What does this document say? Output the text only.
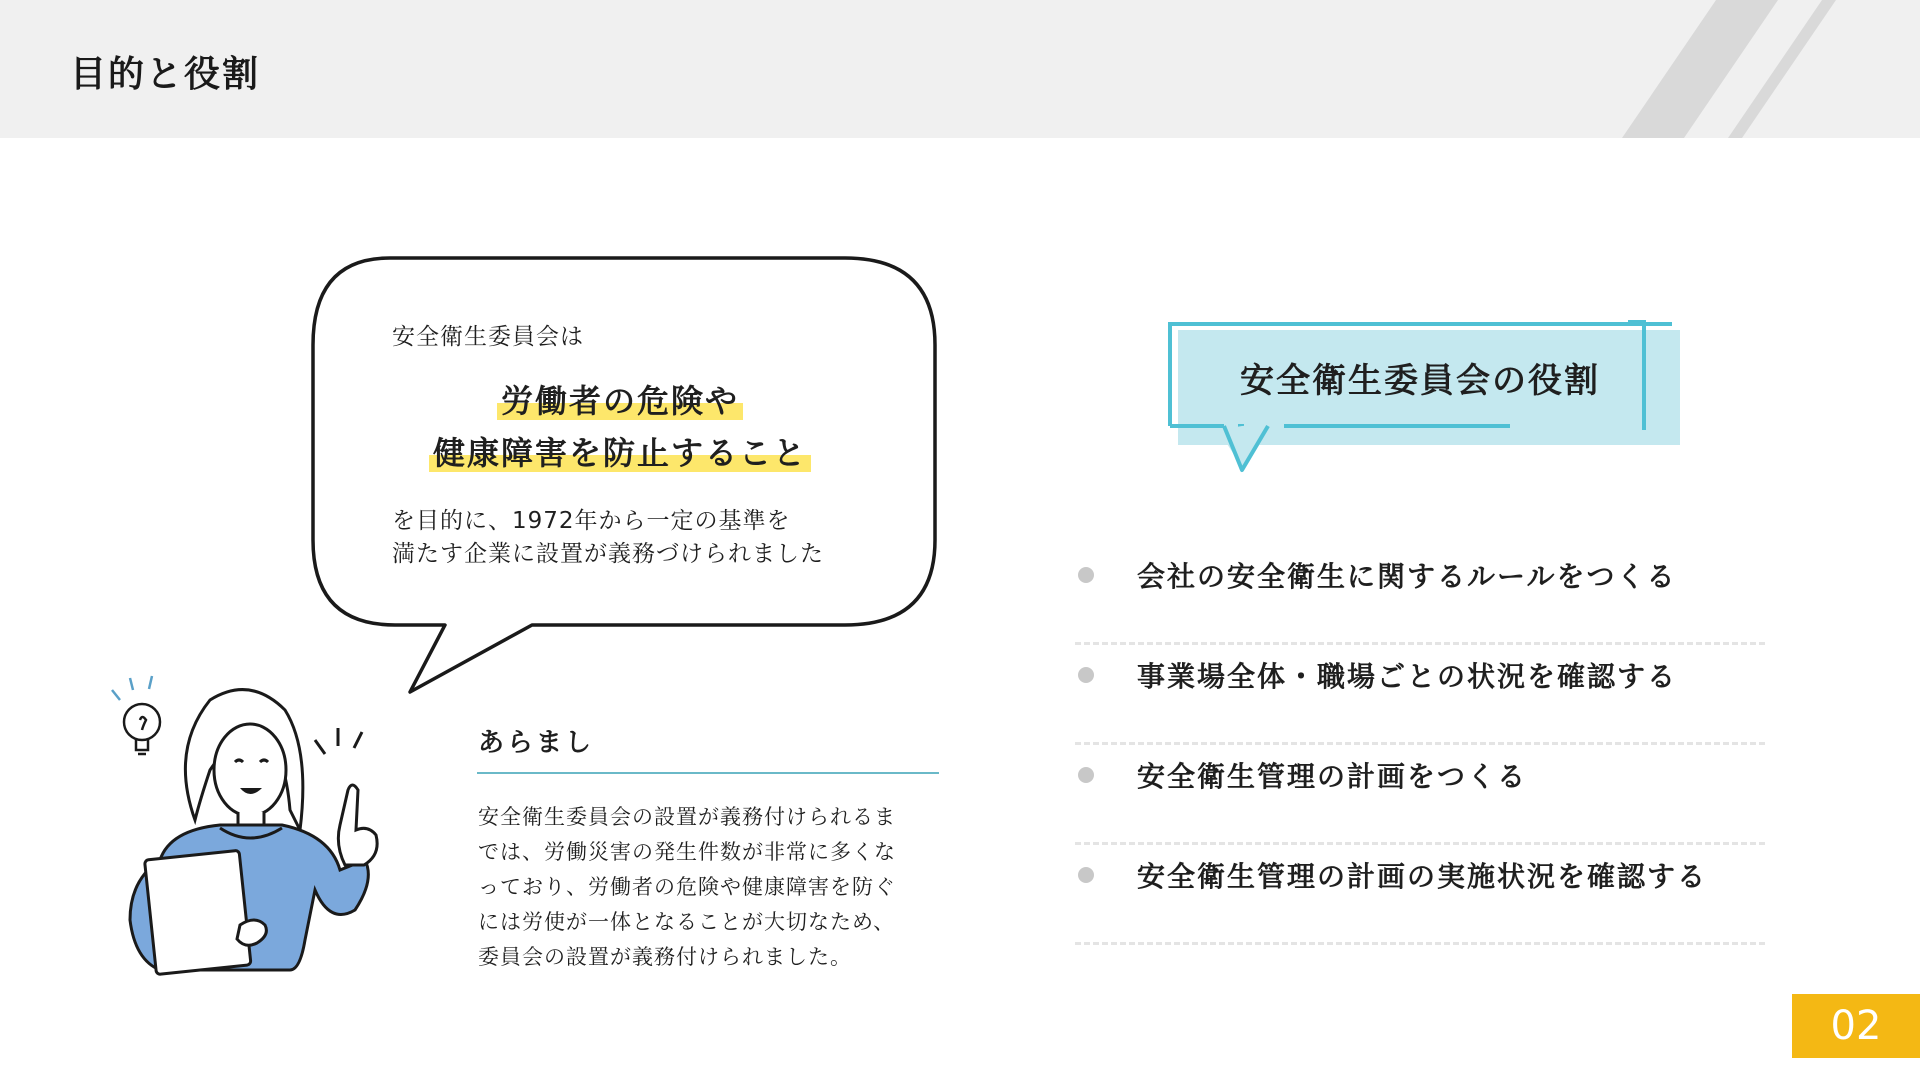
目的と役割
安全衛生委員会は
労働者の危険や
健康障害を防止すること
を目的に、1972年から一定の基準を
満たす企業に設置が義務づけられました
あらまし
安全衛生委員会の設置が義務付けられるま
では、労働災害の発生件数が非常に多くな
っており、労働者の危険や健康障害を防ぐ
には労使が一体となることが大切なため、
委員会の設置が義務付けられました。
安全衛生委員会の役割
会社の安全衛生に関するルールをつくる
事業場全体・職場ごとの状況を確認する
安全衛生管理の計画をつくる
安全衛生管理の計画の実施状況を確認する
02
